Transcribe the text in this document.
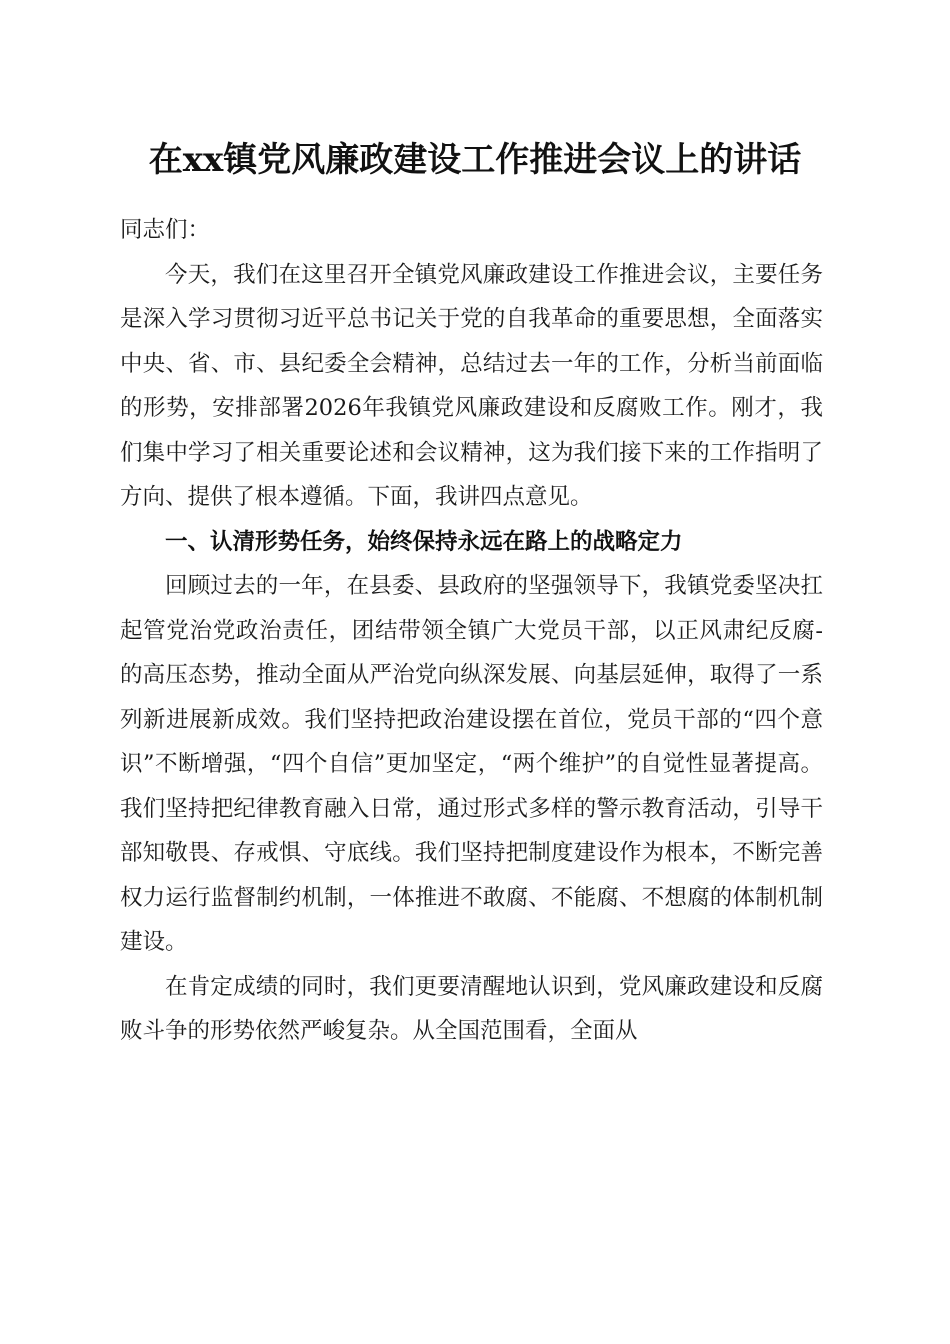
在xx镇党风廉政建设工作推进会议上的讲话

同志们：

今天，我们在这里召开全镇党风廉政建设工作推进会议，主要任务是深入学习贯彻习近平总书记关于党的自我革命的重要思想，全面落实中央、省、市、县纪委全会精神，总结过去一年的工作，分析当前面临的形势，安排部署2026年我镇党风廉政建设和反腐败工作。刚才，我们集中学习了相关重要论述和会议精神，这为我们接下来的工作指明了方向、提供了根本遵循。下面，我讲四点意见。

一、认清形势任务，始终保持永远在路上的战略定力

回顾过去的一年，在县委、县政府的坚强领导下，我镇党委坚决扛起管党治党政治责任，团结带领全镇广大党员干部，以正风肃纪反腐-的高压态势，推动全面从严治党向纵深发展、向基层延伸，取得了一系列新进展新成效。我们坚持把政治建设摆在首位，党员干部的“四个意识”不断增强，“四个自信”更加坚定，“两个维护”的自觉性显著提高。我们坚持把纪律教育融入日常，通过形式多样的警示教育活动，引导干部知敬畏、存戒惧、守底线。我们坚持把制度建设作为根本，不断完善权力运行监督制约机制，一体推进不敢腐、不能腐、不想腐的体制机制建设。

在肯定成绩的同时，我们更要清醒地认识到，党风廉政建设和反腐败斗争的形势依然严峻复杂。从全国范围看，全面从
